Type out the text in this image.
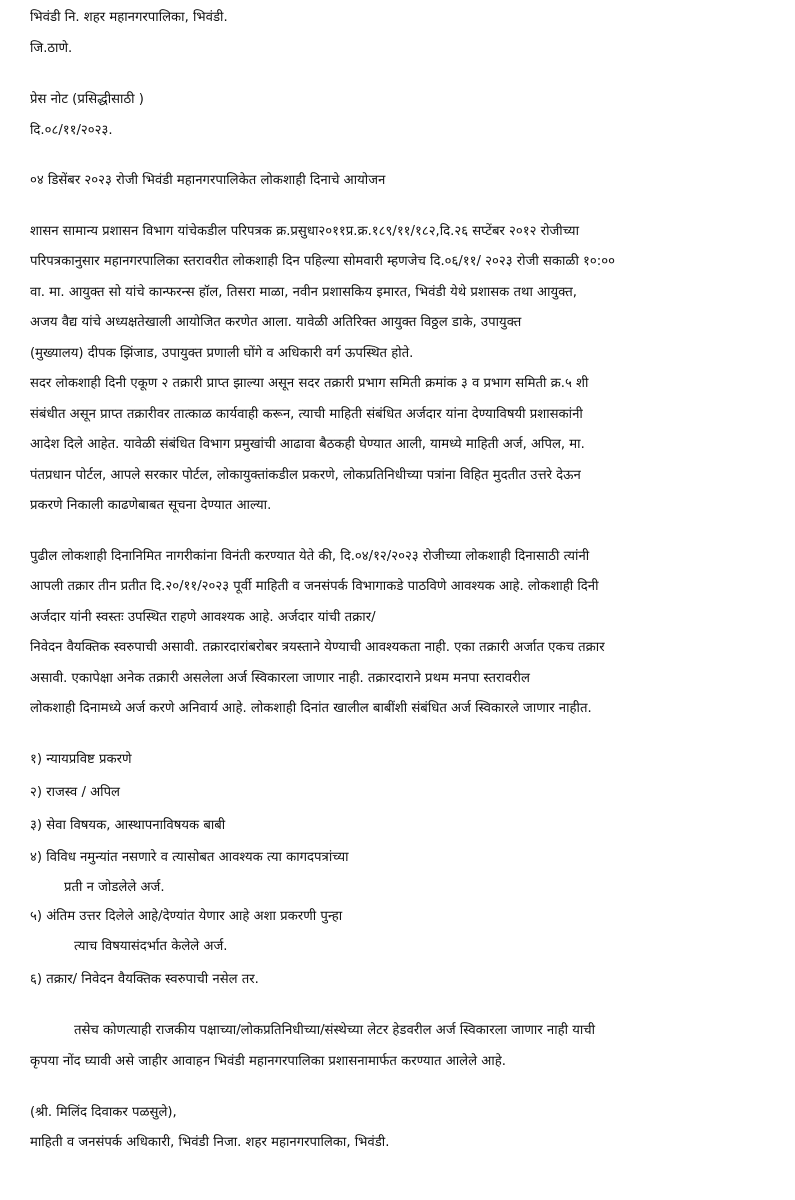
भिवंडी नि. शहर महानगरपालिका, भिवंडी.
जि.ठाणे.
प्रेस नोट (प्रसिद्धीसाठी )
दि.०८/११/२०२३.
०४ डिसेंबर २०२३ रोजी भिवंडी महानगरपालिकेत लोकशाही दिनाचे आयोजन
शासन सामान्य प्रशासन विभाग यांचेकडील परिपत्रक क्र.प्रसुधा२०११प्र.क्र.१८९/११/१८२,दि.२६ सप्टेंबर २०१२ रोजीच्या
परिपत्रकानुसार महानगरपालिका स्तरावरीत लोकशाही दिन पहिल्या सोमवारी म्हणजेच दि.०६/११/ २०२३ रोजी सकाळी १०:००
वा. मा. आयुक्त सो यांचे कान्फरन्स हॉल, तिसरा माळा, नवीन प्रशासकिय इमारत, भिवंडी येथे प्रशासक तथा आयुक्त,
अजय वैद्य यांचे अध्यक्षतेखाली आयोजित करणेत आला. यावेळी अतिरिक्त आयुक्त विठ्ठल डाके, उपायुक्त
(मुख्यालय) दीपक झिंजाड, उपायुक्त प्रणाली घोंगे व अधिकारी वर्ग ऊपस्थित होते.
सदर लोकशाही दिनी एकूण २ तक्रारी प्राप्त झाल्या असून सदर तक्रारी प्रभाग समिती क्रमांक ३ व प्रभाग समिती क्र.५ शी
संबंधीत असून प्राप्त तक्रारीवर तात्काळ कार्यवाही करून, त्याची माहिती संबंधित अर्जदार यांना देण्याविषयी प्रशासकांनी
आदेश दिले आहेत. यावेळी संबंधित विभाग प्रमुखांची आढावा बैठकही घेण्यात आली, यामध्ये माहिती अर्ज, अपिल, मा.
पंतप्रधान पोर्टल, आपले सरकार पोर्टल, लोकायुक्तांकडील प्रकरणे, लोकप्रतिनिधीच्या पत्रांना विहित मुदतीत उत्तरे देऊन
प्रकरणे निकाली काढणेबाबत सूचना देण्यात आल्या.
पुढील लोकशाही दिनानिमित नागरीकांना विनंती करण्यात येते की, दि.०४/१२/२०२३ रोजीच्या लोकशाही दिनासाठी त्यांनी
आपली तक्रार तीन प्रतीत दि.२०/११/२०२३ पूर्वी माहिती व जनसंपर्क विभागाकडे पाठविणे आवश्यक आहे. लोकशाही दिनी
अर्जदार यांनी स्वस्तः उपस्थित राहणे आवश्यक आहे. अर्जदार यांची तक्रार/
निवेदन वैयक्तिक स्वरुपाची असावी. तक्रारदारांबरोबर त्रयस्ताने येण्याची आवश्यकता नाही. एका तक्रारी अर्जात एकच तक्रार
असावी. एकापेक्षा अनेक तक्रारी असलेला अर्ज स्विकारला जाणार नाही. तक्रारदाराने प्रथम मनपा स्तरावरील
लोकशाही दिनामध्ये अर्ज करणे अनिवार्य आहे. लोकशाही दिनांत खालील बाबींशी संबंधित अर्ज स्विकारले जाणार नाहीत.
१) न्यायप्रविष्ट प्रकरणे
२) राजस्व / अपिल
३) सेवा विषयक, आस्थापनाविषयक बाबी
४) विविध नमुन्यांत नसणारे व त्यासोबत आवश्यक त्या कागदपत्रांच्या
प्रती न जोडलेले अर्ज.
५) अंतिम उत्तर दिलेले आहे/देण्यांत येणार आहे अशा प्रकरणी पुन्हा
त्याच विषयासंदर्भात केलेले अर्ज.
६) तक्रार/ निवेदन वैयक्तिक स्वरुपाची नसेल तर.
तसेच कोणत्याही राजकीय पक्षाच्या/लोकप्रतिनिधीच्या/संस्थेच्या लेटर हेडवरील अर्ज स्विकारला जाणार नाही याची
कृपया नोंद घ्यावी असे जाहीर आवाहन भिवंडी महानगरपालिका प्रशासनामार्फत करण्यात आलेले आहे.
(श्री. मिलिंद दिवाकर पळसुले),
माहिती व जनसंपर्क अधिकारी, भिवंडी निजा. शहर महानगरपालिका, भिवंडी.
